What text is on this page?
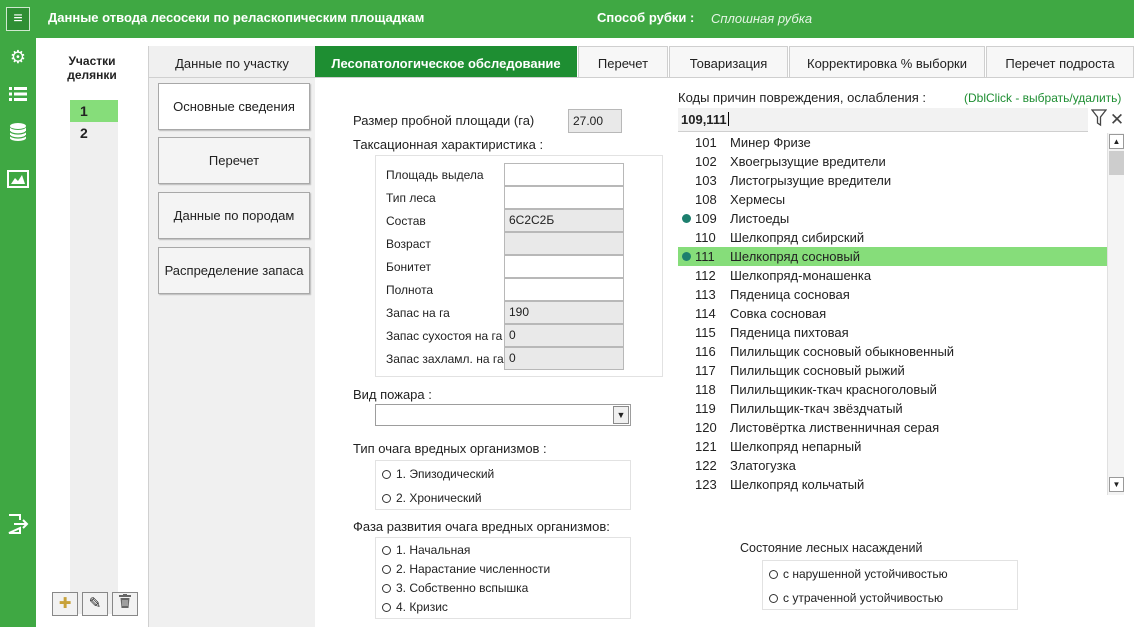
≡	Данные отвода лесосеки по реласкопическим площадкам	Способ рубки : Сплошная рубка
⚙	Участки
делянки
1
2
✚	✎
Данные по участку
Основные сведения
Перечет
Данные по породам
Распределение запаса
Лесопатологическое обследование	Перечет	Товаризация	Корректировка % выборки	Перечет подроста
Размер пробной площади (га)	27.00
Таксационная характиристика :
Площадь выдела
Тип леса
Состав	6С2С2Б
Возраст
Бонитет
Полнота
Запас на га	190
Запас сухостоя на га 0
Запас захламл. на га 0
Вид пожара :
▼
Тип очага вредных организмов :
1. Эпизодический
2. Хронический
Фаза развития очага вредных организмов:
1. Начальная
2. Нарастание численности
3. Собственно вспышка
4. Кризис
Состояние лесных насаждений
с нарушенной устойчивостью
с утраченной устойчивостью
Коды причин повреждения, ослабления :	(DblClick - выбрать/удалить)
109,111	✕
101	Минер Фризе
102	Хвоегрызущие вредители
103	Листогрызущие вредители
108	Хермесы
109	Листоеды
110	Шелкопряд сибирский
111	Шелкопряд сосновый
112	Шелкопряд-монашенка
113	Пяденица сосновая
114	Совка сосновая
115	Пяденица пихтовая
116	Пилильщик сосновый обыкновенный
117	Пилильщик сосновый рыжий
118	Пилильщикик-ткач красноголовый
119	Пилильщик-ткач звёздчатый
120	Листовёртка лиственничная серая
121	Шелкопряд непарный
122	Златогузка
123	Шелкопряд кольчатый
▲
▼
